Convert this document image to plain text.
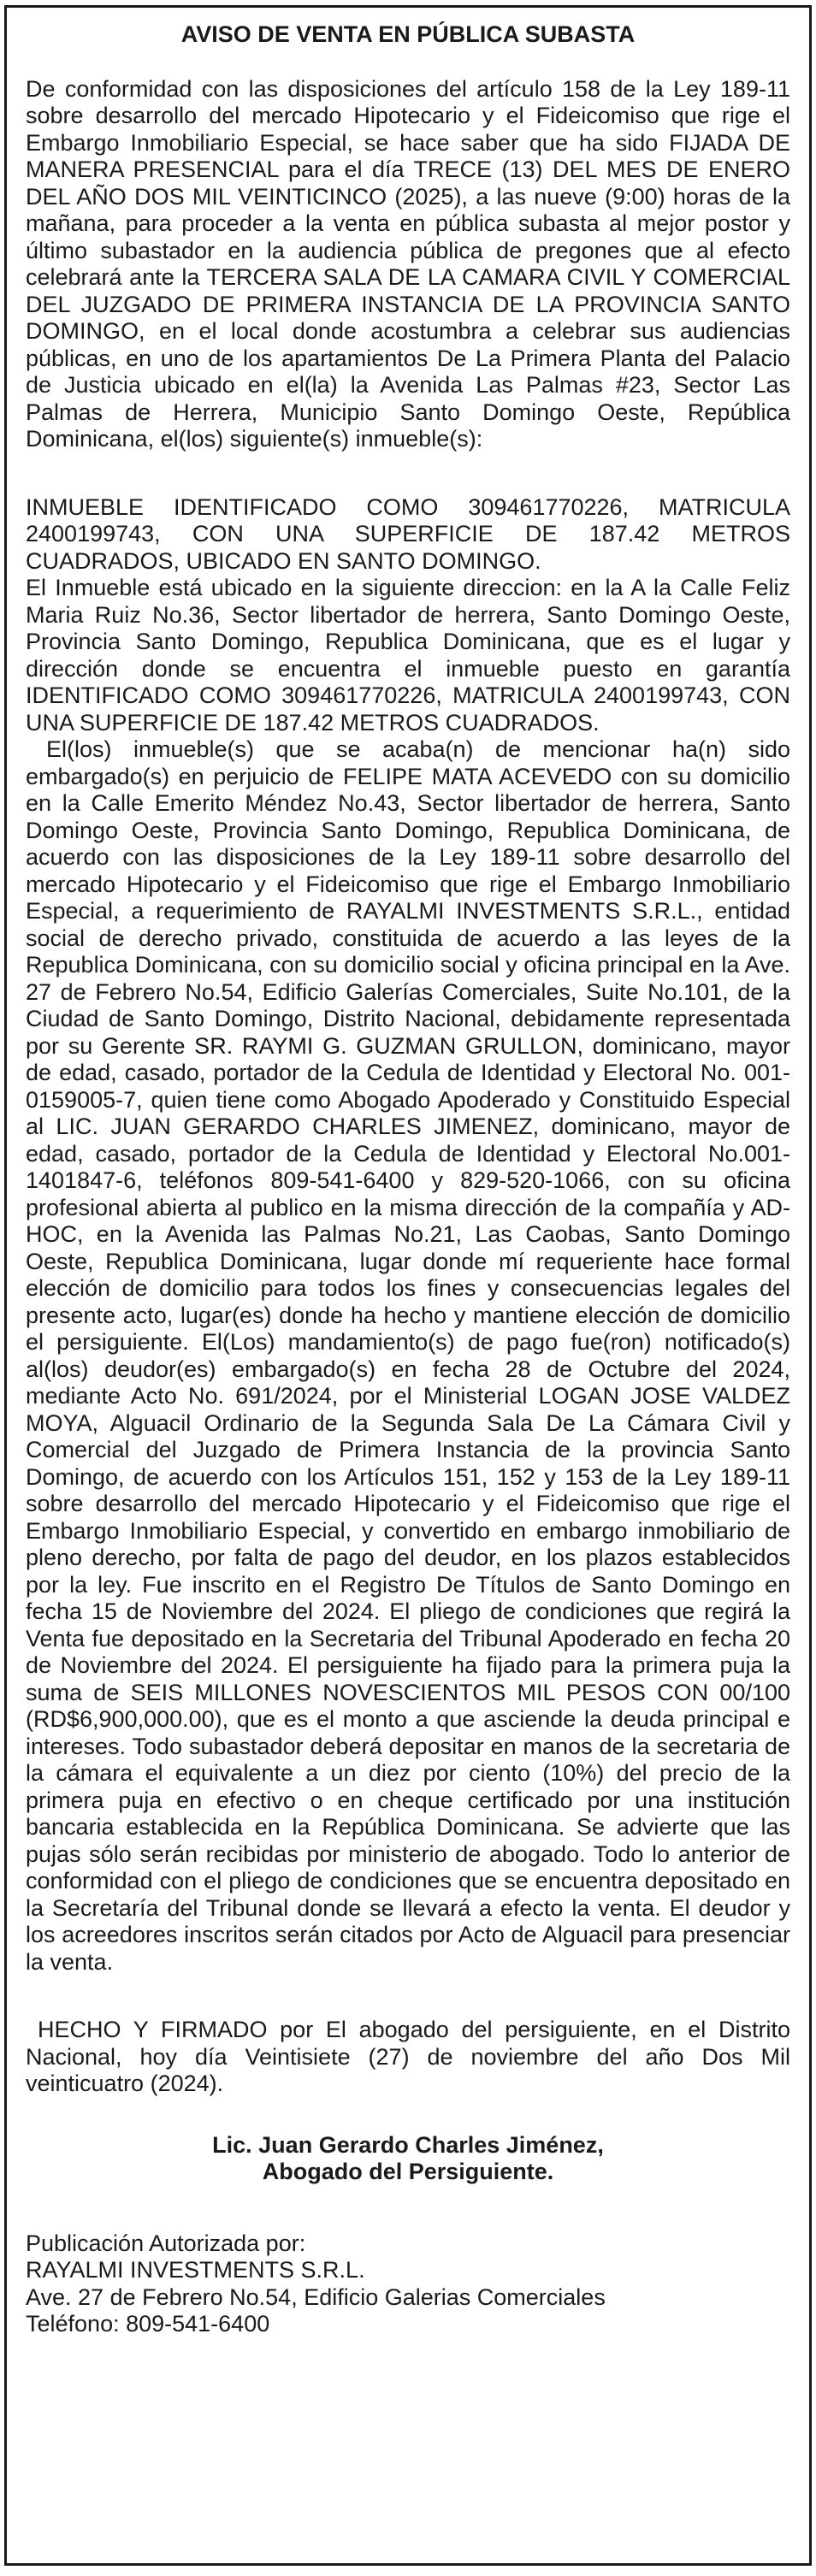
AVISO DE VENTA EN PÚBLICA SUBASTA

De conformidad con las disposiciones del artículo 158 de la Ley 189-11 sobre desarrollo del mercado Hipotecario y el Fideicomiso que rige el Embargo Inmobiliario Especial, se hace saber que ha sido FIJADA DE MANERA PRESENCIAL para el día TRECE (13) DEL MES DE ENERO DEL AÑO DOS MIL VEINTICINCO (2025), a las nueve (9:00) horas de la mañana, para proceder a la venta en pública subasta al mejor postor y último subastador en la audiencia pública de pregones que al efecto celebrará ante la TERCERA SALA DE LA CAMARA CIVIL Y COMERCIAL DEL JUZGADO DE PRIMERA INSTANCIA DE LA PROVINCIA SANTO DOMINGO, en el local donde acostumbra a celebrar sus audiencias públicas, en uno de los apartamientos De La Primera Planta del Palacio de Justicia ubicado en el(la) la Avenida Las Palmas #23, Sector Las Palmas de Herrera, Municipio Santo Domingo Oeste, República Dominicana, el(los) siguiente(s) inmueble(s):

INMUEBLE IDENTIFICADO COMO 309461770226, MATRICULA 2400199743, CON UNA SUPERFICIE DE 187.42 METROS CUADRADOS, UBICADO EN SANTO DOMINGO.

El Inmueble está ubicado en la siguiente direccion: en la A la Calle Feliz Maria Ruiz No.36, Sector libertador de herrera, Santo Domingo Oeste, Provincia Santo Domingo, Republica Dominicana, que es el lugar y dirección donde se encuentra el inmueble puesto en garantía IDENTIFICADO COMO 309461770226, MATRICULA 2400199743, CON UNA SUPERFICIE DE 187.42 METROS CUADRADOS.

El(los) inmueble(s) que se acaba(n) de mencionar ha(n) sido embargado(s) en perjuicio de FELIPE MATA ACEVEDO con su domicilio en la Calle Emerito Méndez No.43, Sector libertador de herrera, Santo Domingo Oeste, Provincia Santo Domingo, Republica Dominicana, de acuerdo con las disposiciones de la Ley 189-11 sobre desarrollo del mercado Hipotecario y el Fideicomiso que rige el Embargo Inmobiliario Especial, a requerimiento de RAYALMI INVESTMENTS S.R.L., entidad social de derecho privado, constituida de acuerdo a las leyes de la Republica Dominicana, con su domicilio social y oficina principal en la Ave. 27 de Febrero No.54, Edificio Galerías Comerciales, Suite No.101, de la Ciudad de Santo Domingo, Distrito Nacional, debidamente representada por su Gerente SR. RAYMI G. GUZMAN GRULLON, dominicano, mayor de edad, casado, portador de la Cedula de Identidad y Electoral No. 001-0159005-7, quien tiene como Abogado Apoderado y Constituido Especial al LIC. JUAN GERARDO CHARLES JIMENEZ, dominicano, mayor de edad, casado, portador de la Cedula de Identidad y Electoral No.001-1401847-6, teléfonos 809-541-6400 y 829-520-1066, con su oficina profesional abierta al publico en la misma dirección de la compañía y AD-HOC, en la Avenida las Palmas No.21, Las Caobas, Santo Domingo Oeste, Republica Dominicana, lugar donde mí requeriente hace formal elección de domicilio para todos los fines y consecuencias legales del presente acto, lugar(es) donde ha hecho y mantiene elección de domicilio el persiguiente. El(Los) mandamiento(s) de pago fue(ron) notificado(s) al(los) deudor(es) embargado(s) en fecha 28 de Octubre del 2024, mediante Acto No. 691/2024, por el Ministerial LOGAN JOSE VALDEZ MOYA, Alguacil Ordinario de la Segunda Sala De La Cámara Civil y Comercial del Juzgado de Primera Instancia de la provincia Santo Domingo, de acuerdo con los Artículos 151, 152 y 153 de la Ley 189-11 sobre desarrollo del mercado Hipotecario y el Fideicomiso que rige el Embargo Inmobiliario Especial, y convertido en embargo inmobiliario de pleno derecho, por falta de pago del deudor, en los plazos establecidos por la ley. Fue inscrito en el Registro De Títulos de Santo Domingo en fecha 15 de Noviembre del 2024. El pliego de condiciones que regirá la Venta fue depositado en la Secretaria del Tribunal Apoderado en fecha 20 de Noviembre del 2024. El persiguiente ha fijado para la primera puja la suma de SEIS MILLONES NOVESCIENTOS MIL PESOS CON 00/100 (RD$6,900,000.00), que es el monto a que asciende la deuda principal e intereses. Todo subastador deberá depositar en manos de la secretaria de la cámara el equivalente a un diez por ciento (10%) del precio de la primera puja en efectivo o en cheque certificado por una institución bancaria establecida en la República Dominicana. Se advierte que las pujas sólo serán recibidas por ministerio de abogado. Todo lo anterior de conformidad con el pliego de condiciones que se encuentra depositado en la Secretaría del Tribunal donde se llevará a efecto la venta. El deudor y los acreedores inscritos serán citados por Acto de Alguacil para presenciar la venta.

HECHO Y FIRMADO por El abogado del persiguiente, en el Distrito Nacional, hoy día Veintisiete (27) de noviembre del año Dos Mil veinticuatro (2024).

Lic. Juan Gerardo Charles Jiménez,
Abogado del Persiguiente.
Publicación Autorizada por:
RAYALMI INVESTMENTS S.R.L.
Ave. 27 de Febrero No.54, Edificio Galerias Comerciales
Teléfono: 809-541-6400
